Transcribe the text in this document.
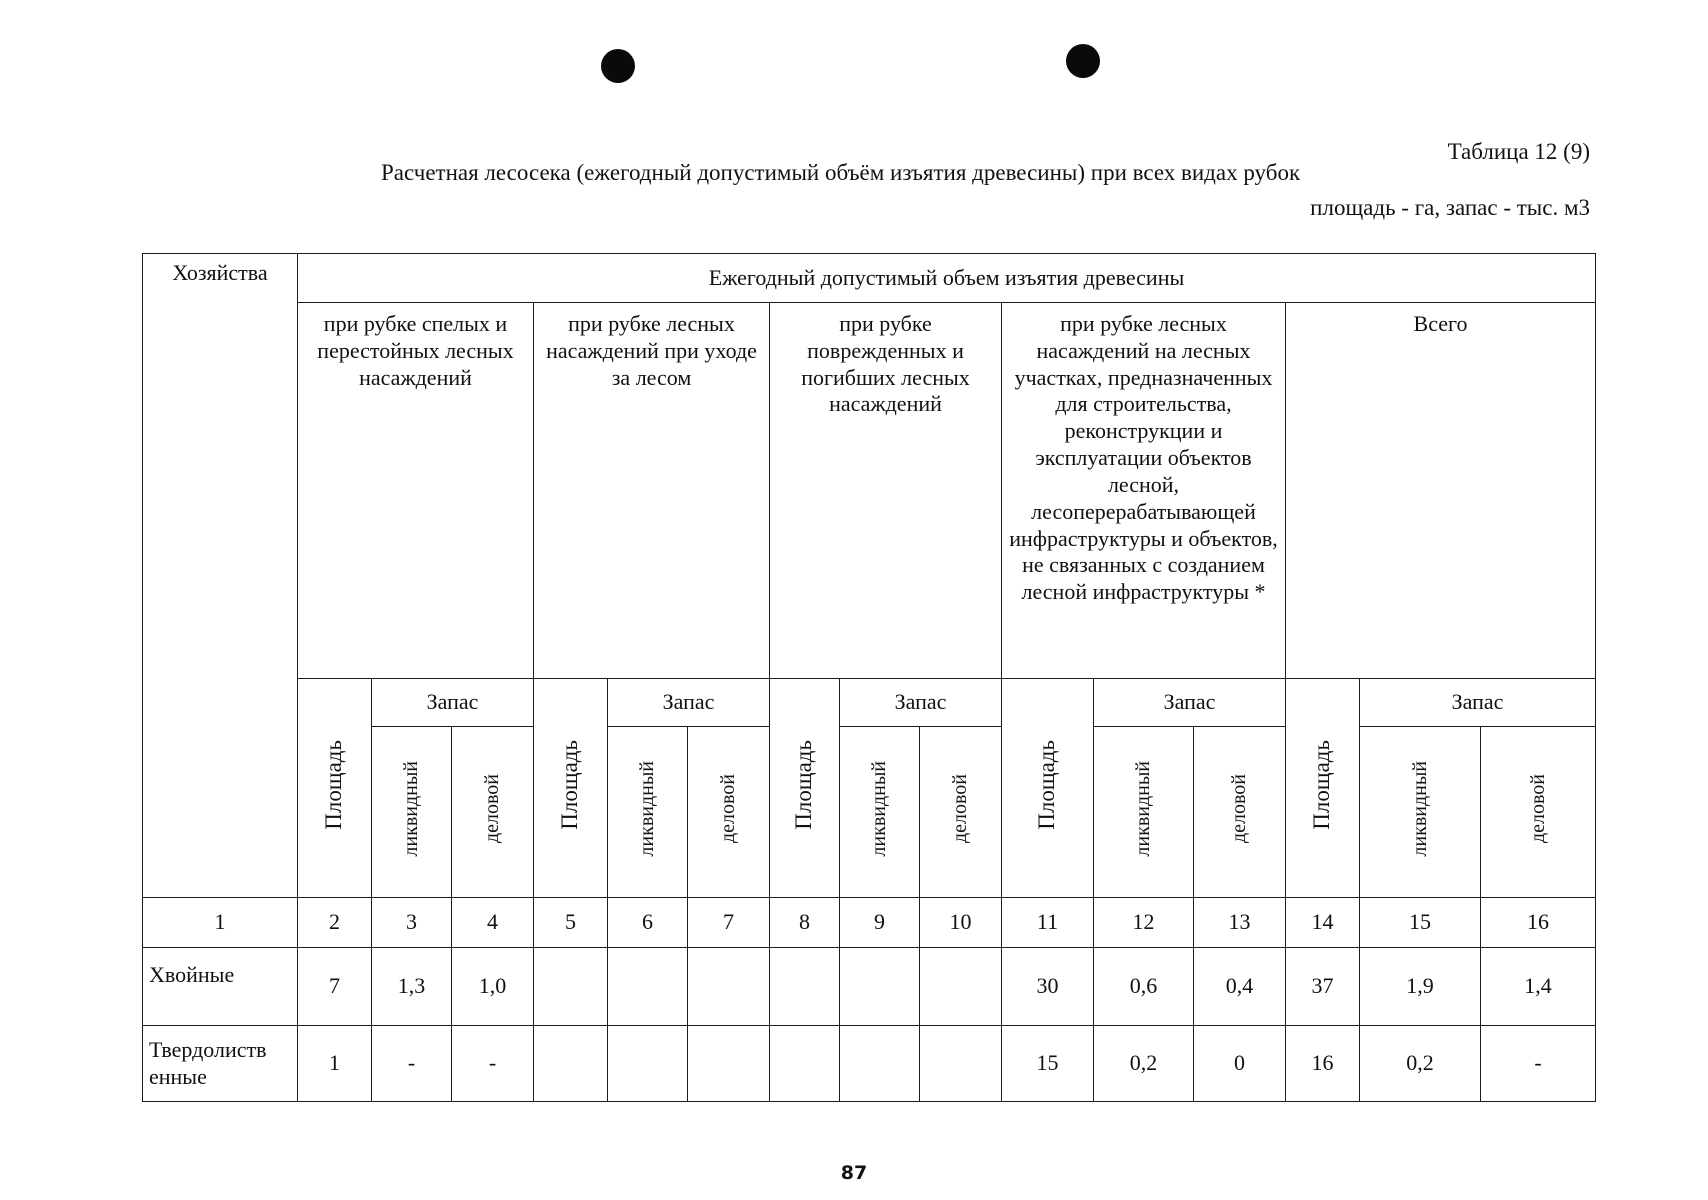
Таблица 12 (9)
Расчетная лесосека (ежегодный допустимый объём изъятия древесины) при всех видах рубок
площадь - га, запас - тыс. м3
Хозяйства	Ежегодный допустимый объем изъятия древесины														
	при рубке спелых и перестойных лесных насаждений			при рубке лесных насаждений при уходе за лесом			при рубке поврежденных и погибших лесных насаждений			при рубке лесных насаждений на лесных участках, предназначенных для строительства, реконструкции и эксплуатации объектов лесной, лесоперерабатывающей инфраструктуры и объектов, не связанных с созданием лесной инфраструктуры *			Всего		
	Площадь	Запас		Площадь	Запас		Площадь	Запас		Площадь	Запас		Площадь	Запас	
		ликвидный	деловой		ликвидный	деловой		ликвидный	деловой		ликвидный	деловой		ликвидный	деловой
1	2	3	4	5	6	7	8	9	10	11	12	13	14	15	16
Хвойные	7	1,3	1,0							30	0,6	0,4	37	1,9	1,4
Твердолиств енные	1	-	-							15	0,2	0	16	0,2	-
87
